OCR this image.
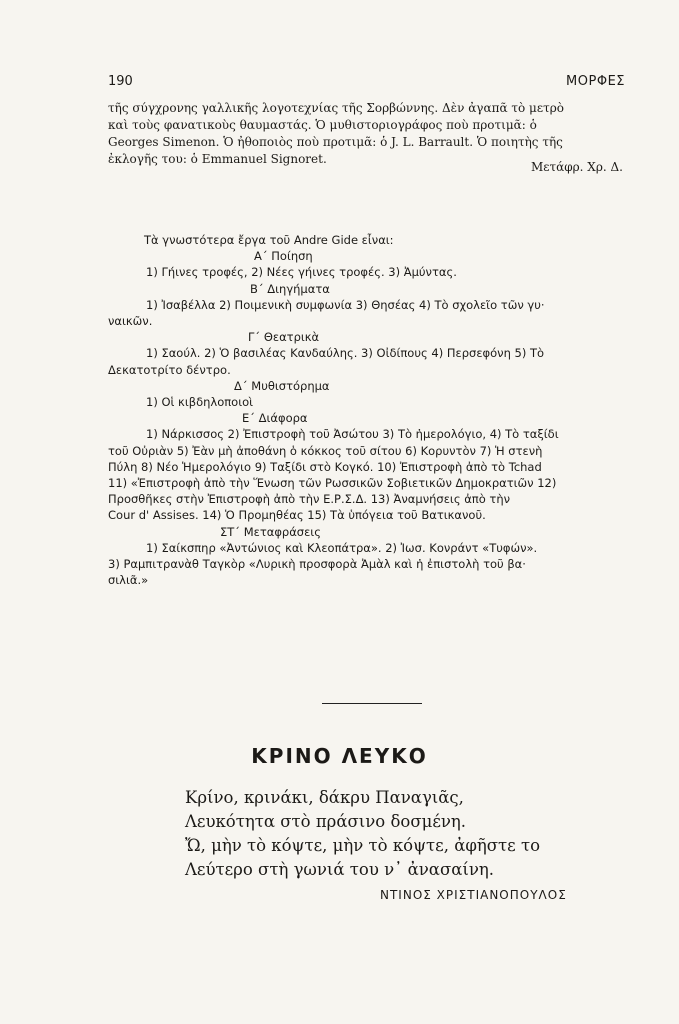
190	ΜΟΡΦΕΣ

τῆς σύγχρονης γαλλικῆς λογοτεχνίας τῆς Σορβώννης. Δὲν ἀγαπᾶ τὸ μετρὸ

καὶ τοὺς φανατικοὺς θαυμαστάς. Ὁ μυθιστοριογράφος ποὺ προτιμᾶ: ὁ

Georges Simenon. Ὁ ἠθοποιὸς ποὺ προτιμᾶ: ὁ J. L. Barrault. Ὁ ποιητὴς τῆς

ἐκλογῆς του: ὁ Emmanuel Signoret.

Μετάφρ. Χρ. Δ.
Τὰ γνωστότερα ἔργα τοῦ Andre Gide εἶναι:
Α΄ Ποίηση
1) Γήινες τροφές, 2) Νέες γήινες τροφές. 3) Ἀμύντας.
Β΄ Διηγήματα
1) Ἰσαβέλλα 2) Ποιμενικὴ συμφωνία 3) Θησέας 4) Τὸ σχολεῖο τῶν γυ·
ναικῶν.
Γ΄ Θεατρικὰ
1) Σαούλ. 2) Ὁ βασιλέας Κανδαύλης. 3) Οἰδίπους 4) Περσεφόνη 5) Τὸ
Δεκατοτρίτο δέντρο.
Δ΄ Μυθιστόρημα
1) Οἱ κιβδηλοποιοὶ
Ε΄ Διάφορα
1) Νάρκισσος 2) Ἐπιστροφὴ τοῦ Ἀσώτου 3) Τὸ ἡμερολόγιο, 4) Τὸ ταξίδι
τοῦ Οὐριὰν 5) Ἐὰν μὴ ἀποθάνη ὁ κόκκος τοῦ σίτου 6) Κορυντὸν 7) Ἡ στενὴ
Πύλη 8) Νέο Ἡμερολόγιο 9) Ταξίδι στὸ Κογκό. 10) Ἐπιστροφὴ ἀπὸ τὸ Tchad
11) «Ἐπιστροφὴ ἀπὸ τὴν Ἕνωση τῶν Ρωσσικῶν Σοβιετικῶν Δημοκρατιῶν 12)
Προσθῆκες στὴν Ἐπιστροφὴ ἀπὸ τὴν Ε.Ρ.Σ.Δ. 13) Ἀναμνήσεις ἀπὸ τὴν
Cour d' Assises. 14) Ὁ Προμηθέας 15) Τὰ ὑπόγεια τοῦ Βατικανοῦ.
ΣΤ΄ Μεταφράσεις
1) Σαίκσπηρ «Ἀντώνιος καὶ Κλεοπάτρα». 2) Ἰωσ. Κονράντ «Τυφών».
3) Ραμπιτρανὰθ Ταγκὸρ «Λυρικὴ προσφορὰ Ἀμὰλ καὶ ἡ ἐπιστολὴ τοῦ βα·
σιλιᾶ.»
ΚΡΙΝΟ ΛΕΥΚΟ
Κρίνο, κρινάκι, δάκρυ Παναγιᾶς,
Λευκότητα στὸ πράσινο δοσμένη.
Ὤ, μὴν τὸ κόψτε, μὴν τὸ κόψτε, ἀφῆστε το
Λεύτερο στὴ γωνιά του ν᾽ ἀνασαίνη.
ΝΤΙΝΟΣ ΧΡΙΣΤΙΑΝΟΠΟΥΛΟΣ
